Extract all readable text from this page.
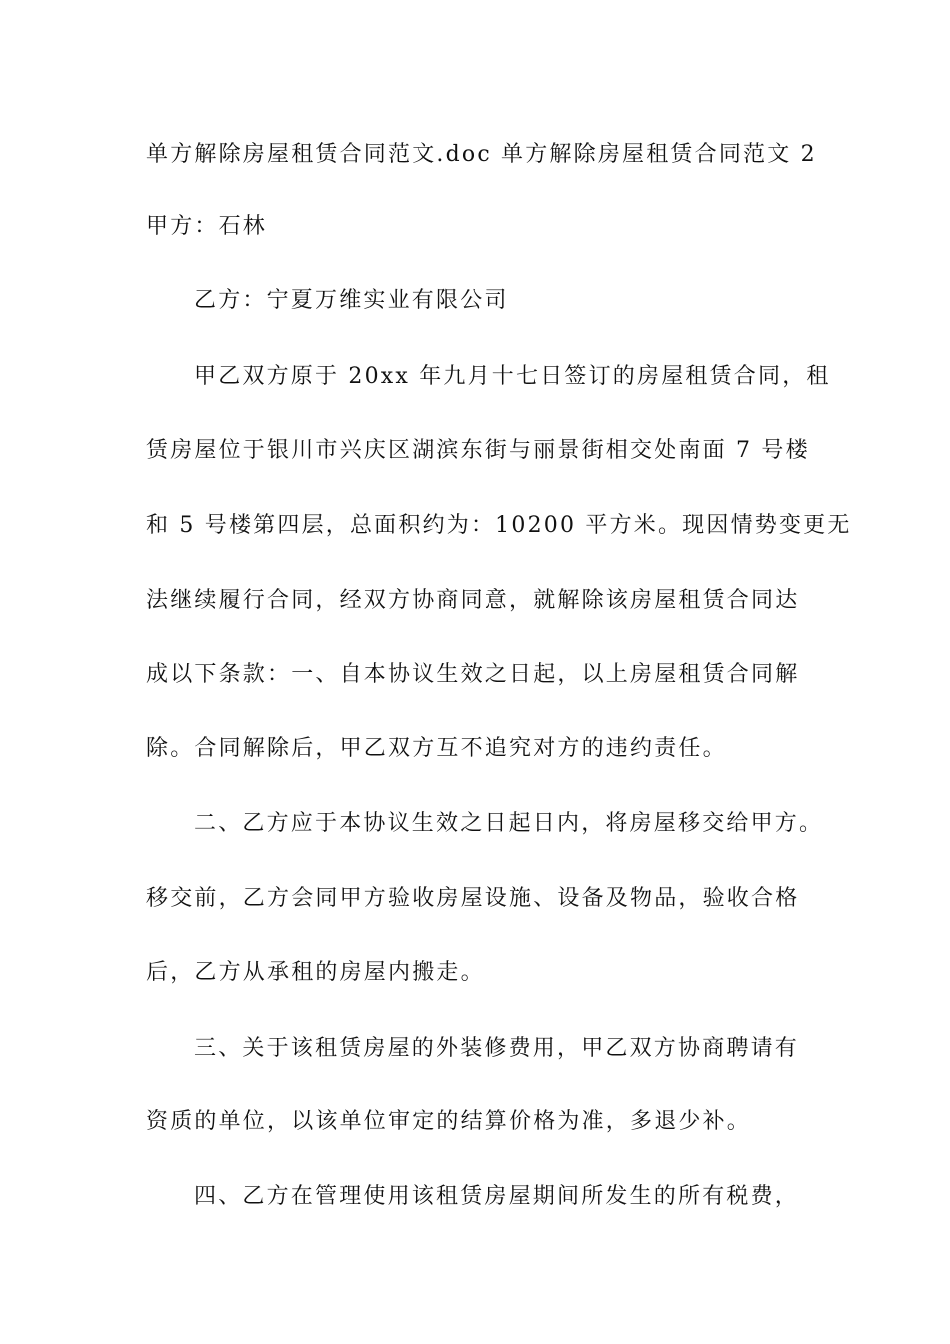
单方解除房屋租赁合同范文.doc 单方解除房屋租赁合同范文 2

甲方：石林

乙方：宁夏万维实业有限公司

甲乙双方原于 20xx 年九月十七日签订的房屋租赁合同，租

赁房屋位于银川市兴庆区湖滨东街与丽景街相交处南面 7 号楼

和 5 号楼第四层，总面积约为：10200 平方米。现因情势变更无

法继续履行合同，经双方协商同意，就解除该房屋租赁合同达

成以下条款：一、自本协议生效之日起，以上房屋租赁合同解

除。合同解除后，甲乙双方互不追究对方的违约责任。

二、乙方应于本协议生效之日起日内，将房屋移交给甲方。

移交前，乙方会同甲方验收房屋设施、设备及物品，验收合格

后，乙方从承租的房屋内搬走。

三、关于该租赁房屋的外装修费用，甲乙双方协商聘请有

资质的单位，以该单位审定的结算价格为准，多退少补。

四、乙方在管理使用该租赁房屋期间所发生的所有税费，
